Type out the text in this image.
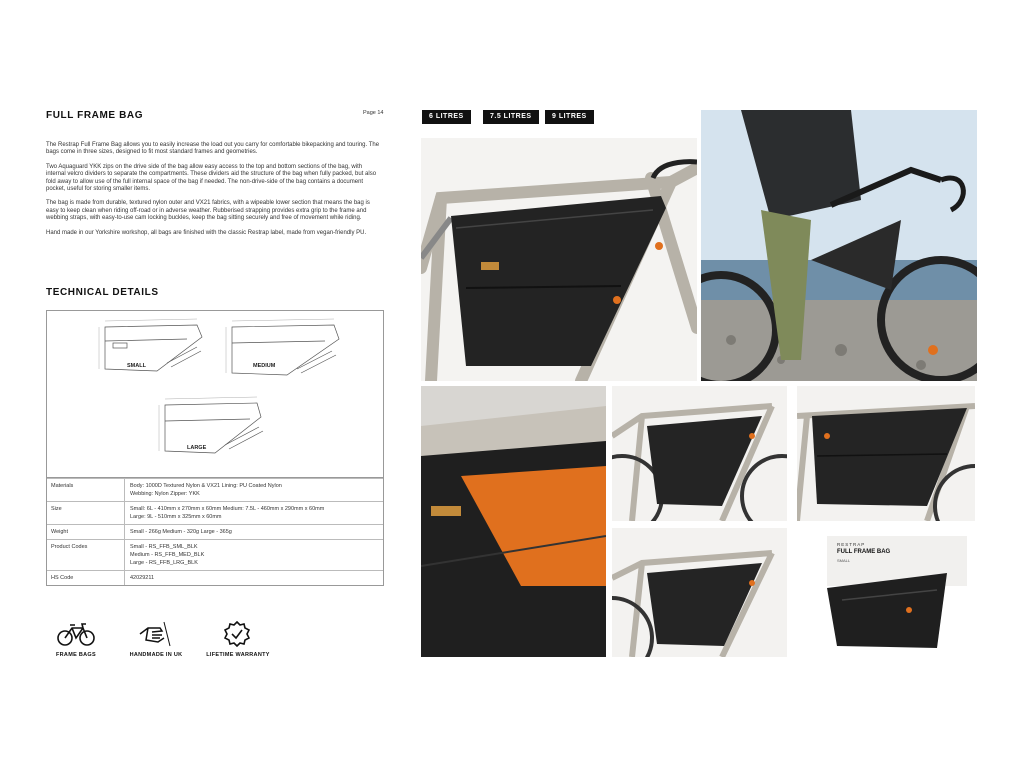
FULL FRAME BAG	Page 14

The Restrap Full Frame Bag allows you to easily increase the load out you carry for comfortable bikepacking and touring. The bags come in three sizes, designed to fit most standard frames and geometries.

Two Aquaguard YKK zips on the drive side of the bag allow easy access to the top and bottom sections of the bag, with internal velcro dividers to separate the compartments. These dividers aid the structure of the bag when fully packed, but also fold away to allow use of the full internal space of the bag if needed. The non-drive-side of the bag contains a document pocket, useful for storing smaller items.

The bag is made from durable, textured nylon outer and VX21 fabrics, with a wipeable lower section that means the bag is easy to keep clean when riding off-road or in adverse weather. Rubberised strapping provides extra grip to the frame and webbing straps, with easy-to-use cam locking buckles, keep the bag sitting securely and free of movement while riding.

Hand made in our Yorkshire workshop, all bags are finished with the classic Restrap label, made from vegan-friendly PU.

TECHNICAL DETAILS
SMALL	MEDIUM
LARGE
Materials	Body: 1000D Textured Nylon & VX21 Lining: PU Coated Nylon
Webbing: Nylon Zipper: YKK
Size	Small: 6L - 410mm x 270mm x 60mm Medium: 7.5L - 460mm x 290mm x 60mm
Large: 9L - 510mm x 325mm x 60mm
Weight	Small - 266g Medium - 320g Large - 365g
Product Codes	Small - RS_FFB_SML_BLK
Medium - RS_FFB_MED_BLK
Large - RS_FFB_LRG_BLK
HS Code	42029211
FRAME BAGS	HANDMADE IN UK	LIFETIME WARRANTY
6 LITRES	7.5 LITRES	9 LITRES
RESTRAP
FULL FRAME BAG
SMALL
